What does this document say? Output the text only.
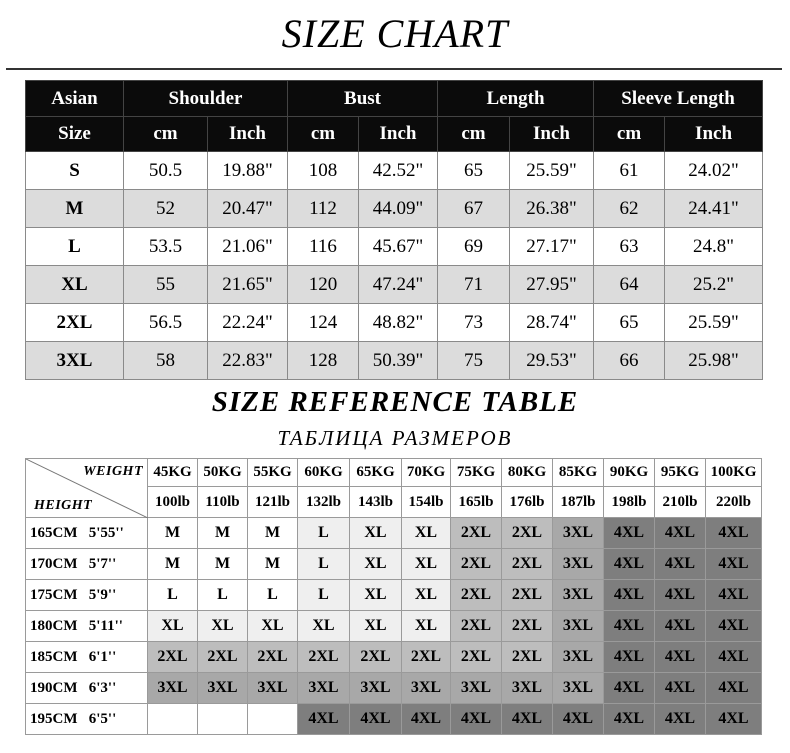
SIZE CHART
Asian	Shoulder		Bust		Length		Sleeve Length	
Size	cm	Inch	cm	Inch	cm	Inch	cm	Inch
S	50.5	19.88"	108	42.52"	65	25.59"	61	24.02"
M	52	20.47"	112	44.09"	67	26.38"	62	24.41"
L	53.5	21.06"	116	45.67"	69	27.17"	63	24.8"
XL	55	21.65"	120	47.24"	71	27.95"	64	25.2"
2XL	56.5	22.24"	124	48.82"	73	28.74"	65	25.59"
3XL	58	22.83"	128	50.39"	75	29.53"	66	25.98"
SIZE REFERENCE TABLE
ТАБЛИЦА РАЗМЕРОВ
WEIGHT
HEIGHT	45KG	50KG	55KG	60KG	65KG	70KG	75KG	80KG	85KG	90KG	95KG	100KG
	100lb	110lb	121lb	132lb	143lb	154lb	165lb	176lb	187lb	198lb	210lb	220lb
165CM   5'55''	M	M	M	L	XL	XL	2XL	2XL	3XL	4XL	4XL	4XL
170CM   5'7''	M	M	M	L	XL	XL	2XL	2XL	3XL	4XL	4XL	4XL
175CM   5'9''	L	L	L	L	XL	XL	2XL	2XL	3XL	4XL	4XL	4XL
180CM   5'11''	XL	XL	XL	XL	XL	XL	2XL	2XL	3XL	4XL	4XL	4XL
185CM   6'1''	2XL	2XL	2XL	2XL	2XL	2XL	2XL	2XL	3XL	4XL	4XL	4XL
190CM   6'3''	3XL	3XL	3XL	3XL	3XL	3XL	3XL	3XL	3XL	4XL	4XL	4XL
195CM   6'5''				4XL	4XL	4XL	4XL	4XL	4XL	4XL	4XL	4XL
